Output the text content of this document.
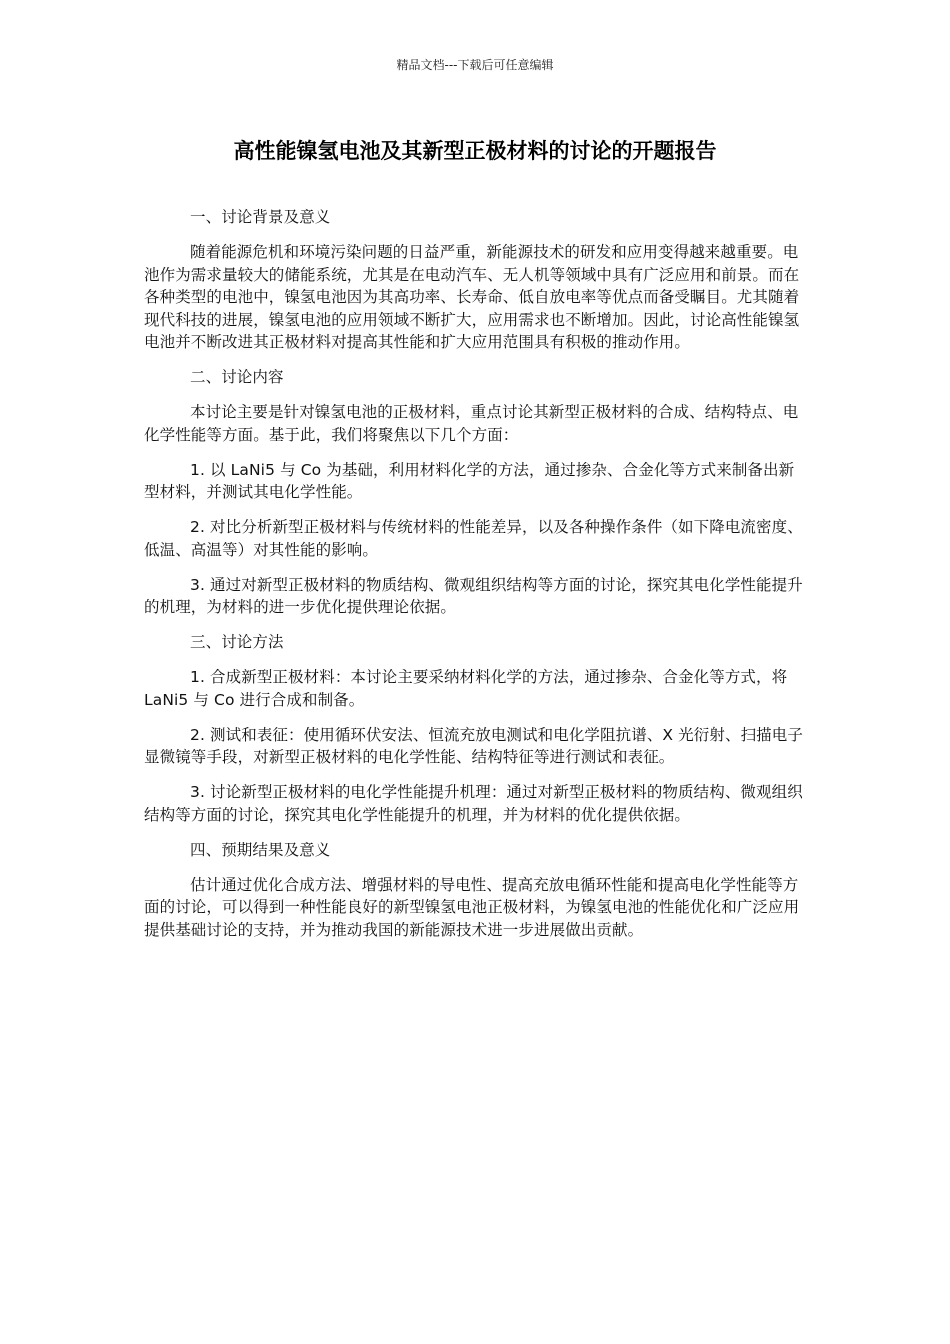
精品文档---下载后可任意编辑
高性能镍氢电池及其新型正极材料的讨论的开题报告

一、讨论背景及意义

随着能源危机和环境污染问题的日益严重，新能源技术的研发和应用变得越来越重要。电池作为需求量较大的储能系统，尤其是在电动汽车、无人机等领域中具有广泛应用和前景。而在各种类型的电池中，镍氢电池因为其高功率、长寿命、低自放电率等优点而备受瞩目。尤其随着现代科技的进展，镍氢电池的应用领域不断扩大，应用需求也不断增加。因此，讨论高性能镍氢电池并不断改进其正极材料对提高其性能和扩大应用范围具有积极的推动作用。

二、讨论内容

本讨论主要是针对镍氢电池的正极材料，重点讨论其新型正极材料的合成、结构特点、电化学性能等方面。基于此，我们将聚焦以下几个方面：

1. 以 LaNi5 与 Co 为基础，利用材料化学的方法，通过掺杂、合金化等方式来制备出新型材料，并测试其电化学性能。

2. 对比分析新型正极材料与传统材料的性能差异，以及各种操作条件（如下降电流密度、低温、高温等）对其性能的影响。

3. 通过对新型正极材料的物质结构、微观组织结构等方面的讨论，探究其电化学性能提升的机理，为材料的进一步优化提供理论依据。

三、讨论方法

1. 合成新型正极材料：本讨论主要采纳材料化学的方法，通过掺杂、合金化等方式，将 LaNi5 与 Co 进行合成和制备。

2. 测试和表征：使用循环伏安法、恒流充放电测试和电化学阻抗谱、X 光衍射、扫描电子显微镜等手段，对新型正极材料的电化学性能、结构特征等进行测试和表征。

3. 讨论新型正极材料的电化学性能提升机理：通过对新型正极材料的物质结构、微观组织结构等方面的讨论，探究其电化学性能提升的机理，并为材料的优化提供依据。

四、预期结果及意义

估计通过优化合成方法、增强材料的导电性、提高充放电循环性能和提高电化学性能等方面的讨论，可以得到一种性能良好的新型镍氢电池正极材料，为镍氢电池的性能优化和广泛应用提供基础讨论的支持，并为推动我国的新能源技术进一步进展做出贡献。
